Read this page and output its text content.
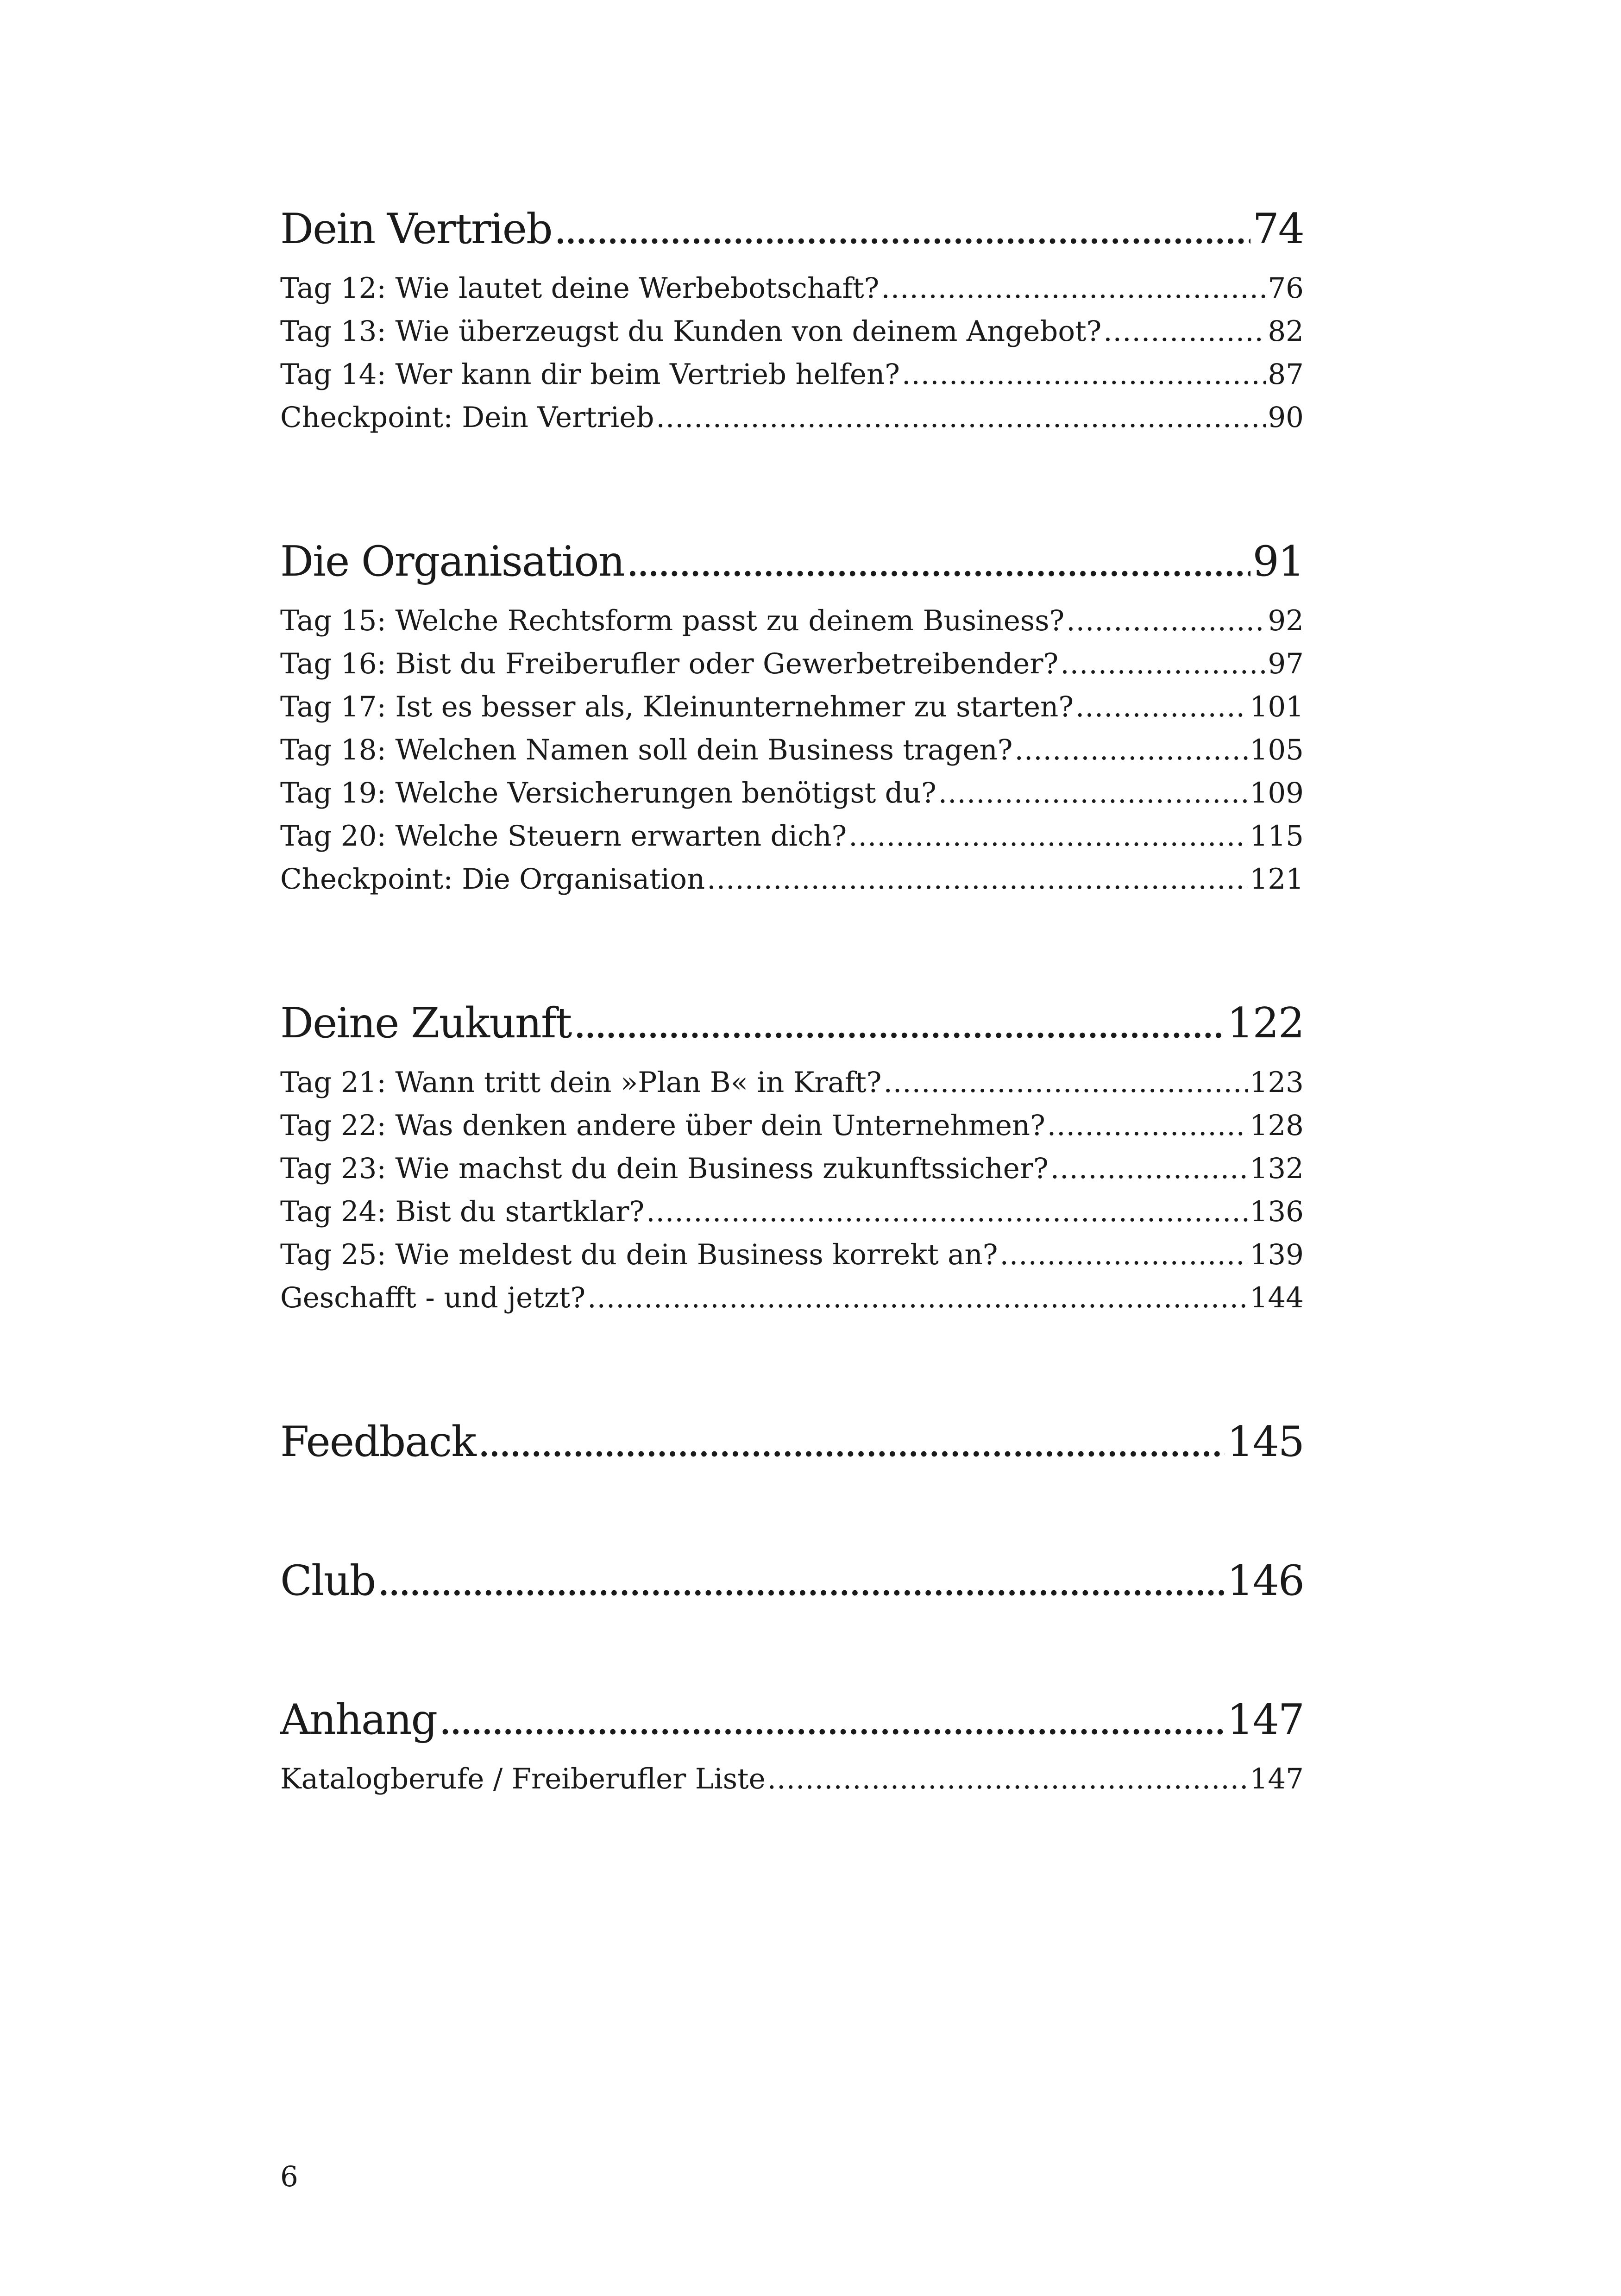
Dein Vertrieb .....	74
Tag 12: Wie lautet deine Werbebotschaft? .....	76
Tag 13: Wie überzeugst du Kunden von deinem Angebot? .....	82
Tag 14: Wer kann dir beim Vertrieb helfen? .....	87
Checkpoint: Dein Vertrieb .....	90
Die Organisation .....	91
Tag 15: Welche Rechtsform passt zu deinem Business? .....	92
Tag 16: Bist du Freiberufler oder Gewerbetreibender? .....	97
Tag 17: Ist es besser als, Kleinunternehmer zu starten? .....	101
Tag 18: Welchen Namen soll dein Business tragen? .....	105
Tag 19: Welche Versicherungen benötigst du? .....	109
Tag 20: Welche Steuern erwarten dich? .....	115
Checkpoint: Die Organisation .....	121
Deine Zukunft .....	122
Tag 21: Wann tritt dein »Plan B« in Kraft? .....	123
Tag 22: Was denken andere über dein Unternehmen? .....	128
Tag 23: Wie machst du dein Business zukunftssicher? .....	132
Tag 24: Bist du startklar? .....	136
Tag 25: Wie meldest du dein Business korrekt an? .....	139
Geschafft - und jetzt? .....	144
Feedback .....	145
Club .....	146
Anhang .....	147
Katalogberufe / Freiberufler Liste .....	147
6
